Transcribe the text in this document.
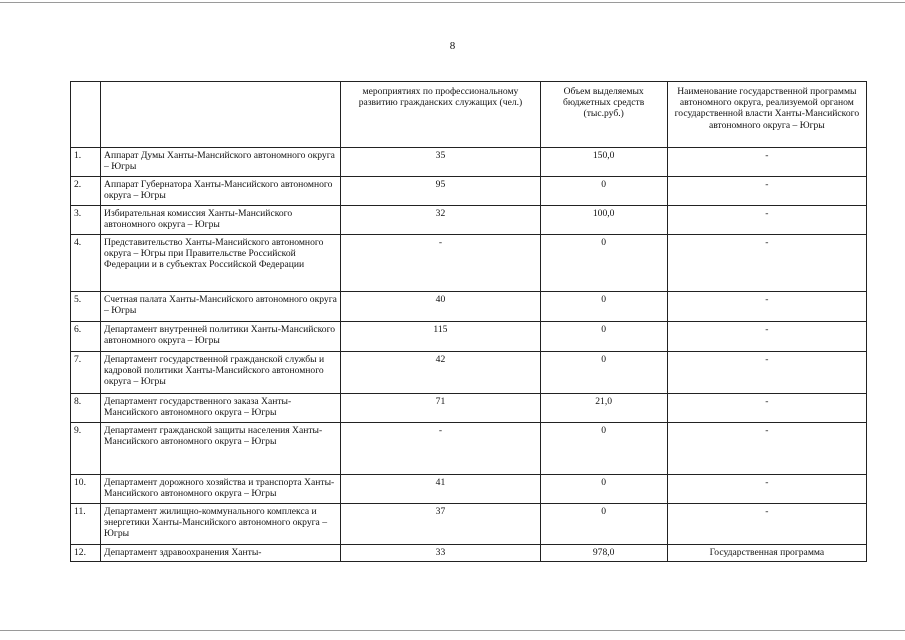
8
		мероприятиях по профессиональному развитию гражданских служащих (чел.)	Объем выделяемых бюджетных средств (тыс.руб.)	Наименование государственной программы автономного округа, реализуемой органом государственной власти Ханты-Мансийского автономного округа – Югры
1.	Аппарат Думы Ханты-Мансийского автономного округа – Югры	35	150,0	-
2.	Аппарат Губернатора Ханты-Мансийского автономного округа – Югры	95	0	-
3.	Избирательная комиссия Ханты-Мансийского автономного округа – Югры	32	100,0	-
4.	Представительство Ханты-Мансийского автономного округа – Югры при Правительстве Российской Федерации и в субъектах Российской Федерации	-	0	-
5.	Счетная палата Ханты-Мансийского автономного округа – Югры	40	0	-
6.	Департамент внутренней политики Ханты-Мансийского автономного округа – Югры	115	0	-
7.	Департамент государственной гражданской службы и кадровой политики Ханты-Мансийского автономного округа – Югры	42	0	-
8.	Департамент государственного заказа Ханты-Мансийского автономного округа – Югры	71	21,0	-
9.	Департамент гражданской защиты населения Ханты-Мансийского автономного округа – Югры	-	0	-
10.	Департамент дорожного хозяйства и транспорта Ханты-Мансийского автономного округа – Югры	41	0	-
11.	Департамент жилищно-коммунального комплекса и энергетики Ханты-Мансийского автономного округа – Югры	37	0	-
12.	Департамент здравоохранения Ханты-	33	978,0	Государственная программа
